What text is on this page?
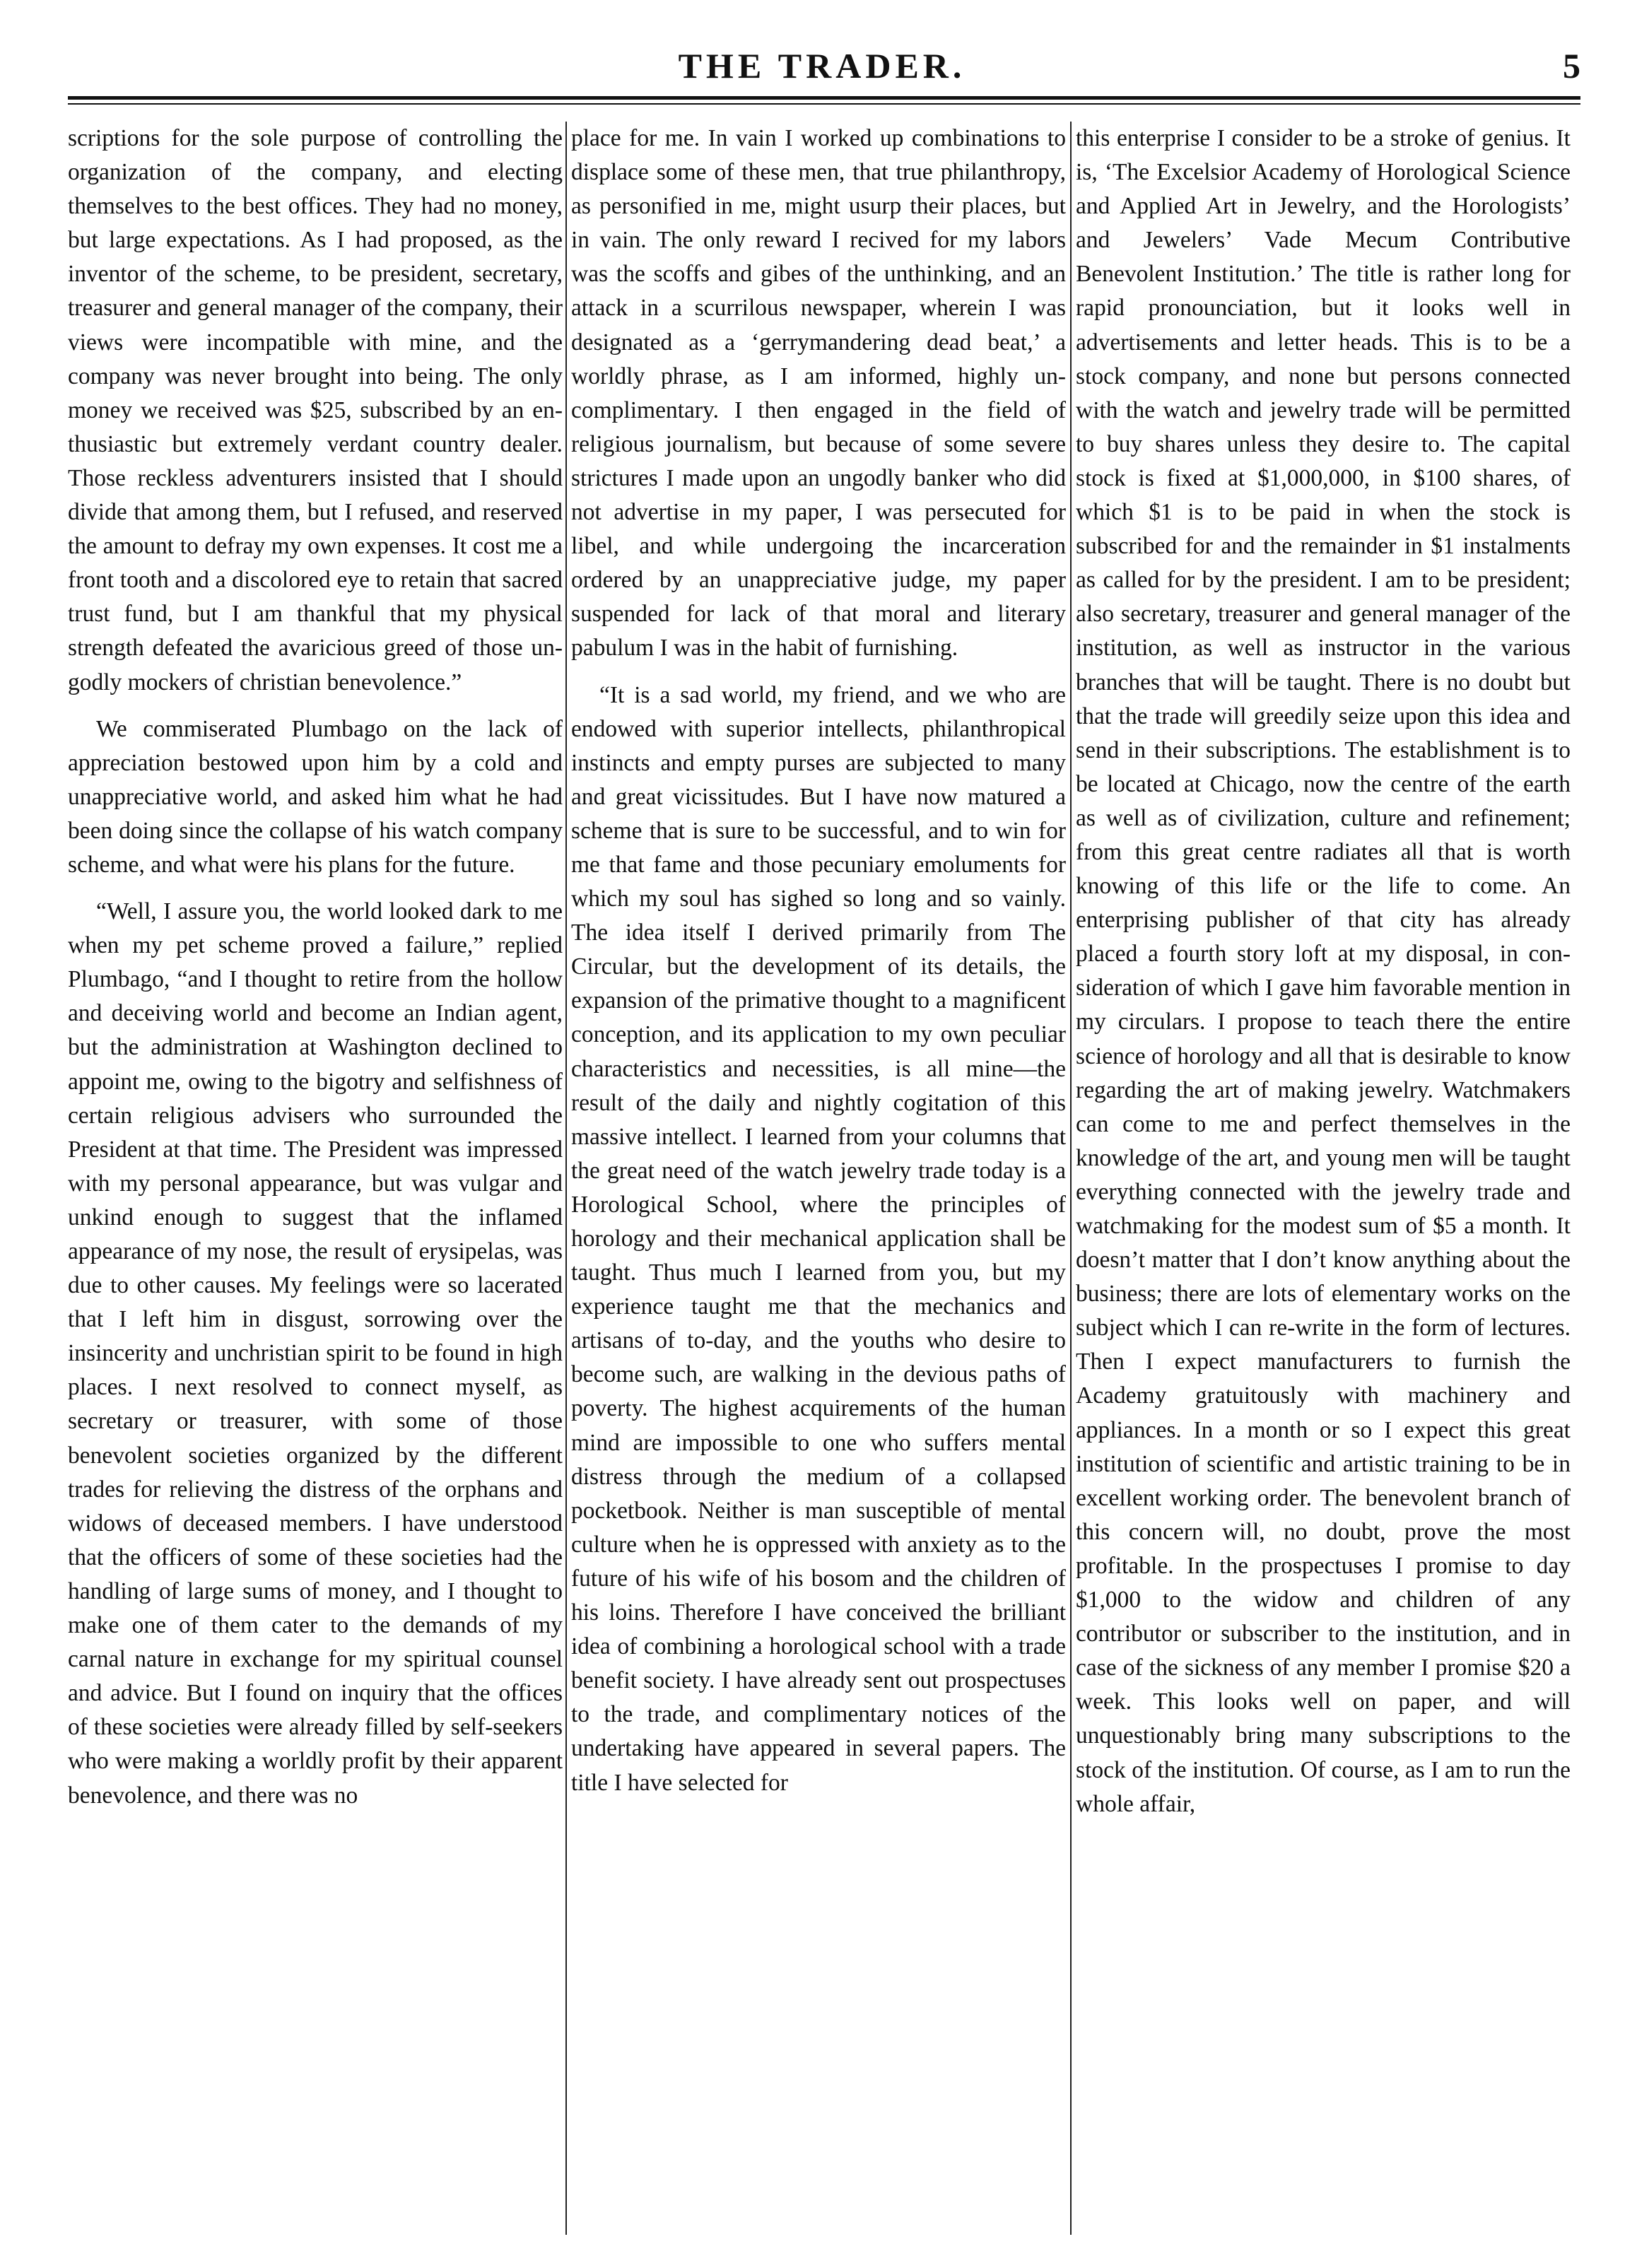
THE TRADER.	5

scriptions for the sole purpose of controlling the organization of the company, and electing themselves to the best offices. They had no money, but large expectations. As I had proposed, as the inventor of the scheme, to be president, secretary, treasurer and general manager of the company, their views were incompatible with mine, and the company was never brought into being. The only money we received was $25, subscribed by an enthusiastic but extremely verdant country dealer. Those reckless adventurers insisted that I should divide that among them, but I refused, and reserved the amount to defray my own expenses. It cost me a front tooth and a discolored eye to retain that sacred trust fund, but I am thankful that my physical strength defeated the avaricious greed of those ungodly mockers of christian benevolence.”

We commiserated Plumbago on the lack of appreciation bestowed upon him by a cold and unappreciative world, and asked him what he had been doing since the collapse of his watch company scheme, and what were his plans for the future.

“Well, I assure you, the world looked dark to me when my pet scheme proved a failure,” replied Plumbago, “and I thought to retire from the hollow and deceiving world and become an Indian agent, but the administration at Washington declined to appoint me, owing to the bigotry and selfishness of certain religious advisers who surrounded the President at that time. The President was impressed with my personal appearance, but was vulgar and unkind enough to suggest that the inflamed appearance of my nose, the result of erysipelas, was due to other causes. My feelings were so lacerated that I left him in disgust, sorrowing over the insincerity and unchristian spirit to be found in high places. I next resolved to connect myself, as secretary or treasurer, with some of those benevolent societies organized by the different trades for relieving the distress of the orphans and widows of deceased members. I have understood that the officers of some of these societies had the handling of large sums of money, and I thought to make one of them cater to the demands of my carnal nature in exchange for my spiritual counsel and advice. But I found on inquiry that the offices of these societies were already filled by self-seekers who were making a worldly profit by their apparent benevolence, and there was no

place for me. In vain I worked up combinations to displace some of these men, that true philanthropy, as personified in me, might usurp their places, but in vain. The only reward I recived for my labors was the scoffs and gibes of the unthinking, and an attack in a scurrilous newspaper, wherein I was designated as a ‘gerrymandering dead beat,’ a worldly phrase, as I am informed, highly uncomplimentary. I then engaged in the field of religious journalism, but because of some severe strictures I made upon an ungodly banker who did not advertise in my paper, I was persecuted for libel, and while undergoing the incarceration ordered by an unappreciative judge, my paper suspended for lack of that moral and literary pabulum I was in the habit of furnishing.

“It is a sad world, my friend, and we who are endowed with superior intellects, philanthropical instincts and empty purses are subjected to many and great vicissitudes. But I have now matured a scheme that is sure to be successful, and to win for me that fame and those pecuniary emoluments for which my soul has sighed so long and so vainly. The idea itself I derived primarily from The Circular, but the development of its details, the expansion of the primative thought to a magnificent conception, and its application to my own peculiar characteristics and necessities, is all mine—the result of the daily and nightly cogitation of this massive intellect. I learned from your columns that the great need of the watch jewelry trade today is a Horological School, where the principles of horology and their mechanical application shall be taught. Thus much I learned from you, but my experience taught me that the mechanics and artisans of to-day, and the youths who desire to become such, are walking in the devious paths of poverty. The highest acquirements of the human mind are impossible to one who suffers mental distress through the medium of a collapsed pocketbook. Neither is man susceptible of mental culture when he is oppressed with anxiety as to the future of his wife of his bosom and the children of his loins. Therefore I have conceived the brilliant idea of combining a horological school with a trade benefit society. I have already sent out prospectuses to the trade, and complimentary notices of the undertaking have appeared in several papers. The title I have selected for

this enterprise I consider to be a stroke of genius. It is, ‘The Excelsior Academy of Horological Science and Applied Art in Jewelry, and the Horologists’ and Jewelers’ Vade Mecum Contributive Benevolent Institution.’ The title is rather long for rapid pronounciation, but it looks well in advertisements and letter heads. This is to be a stock company, and none but persons connected with the watch and jewelry trade will be permitted to buy shares unless they desire to. The capital stock is fixed at $1,000,000, in $100 shares, of which $1 is to be paid in when the stock is subscribed for and the remainder in $1 instalments as called for by the president. I am to be president; also secretary, treasurer and general manager of the institution, as well as instructor in the various branches that will be taught. There is no doubt but that the trade will greedily seize upon this idea and send in their subscriptions. The establishment is to be located at Chicago, now the centre of the earth as well as of civilization, culture and refinement; from this great centre radiates all that is worth knowing of this life or the life to come. An enterprising publisher of that city has already placed a fourth story loft at my disposal, in consideration of which I gave him favorable mention in my circulars. I propose to teach there the entire science of horology and all that is desirable to know regarding the art of making jewelry. Watchmakers can come to me and perfect themselves in the knowledge of the art, and young men will be taught everything connected with the jewelry trade and watchmaking for the modest sum of $5 a month. It doesn’t matter that I don’t know anything about the business; there are lots of elementary works on the subject which I can re-write in the form of lectures. Then I expect manufacturers to furnish the Academy gratuitously with machinery and appliances. In a month or so I expect this great institution of scientific and artistic training to be in excellent working order. The benevolent branch of this concern will, no doubt, prove the most profitable. In the prospectuses I promise to day $1,000 to the widow and children of any contributor or subscriber to the institution, and in case of the sickness of any member I promise $20 a week. This looks well on paper, and will unquestionably bring many subscriptions to the stock of the institution. Of course, as I am to run the whole affair,
